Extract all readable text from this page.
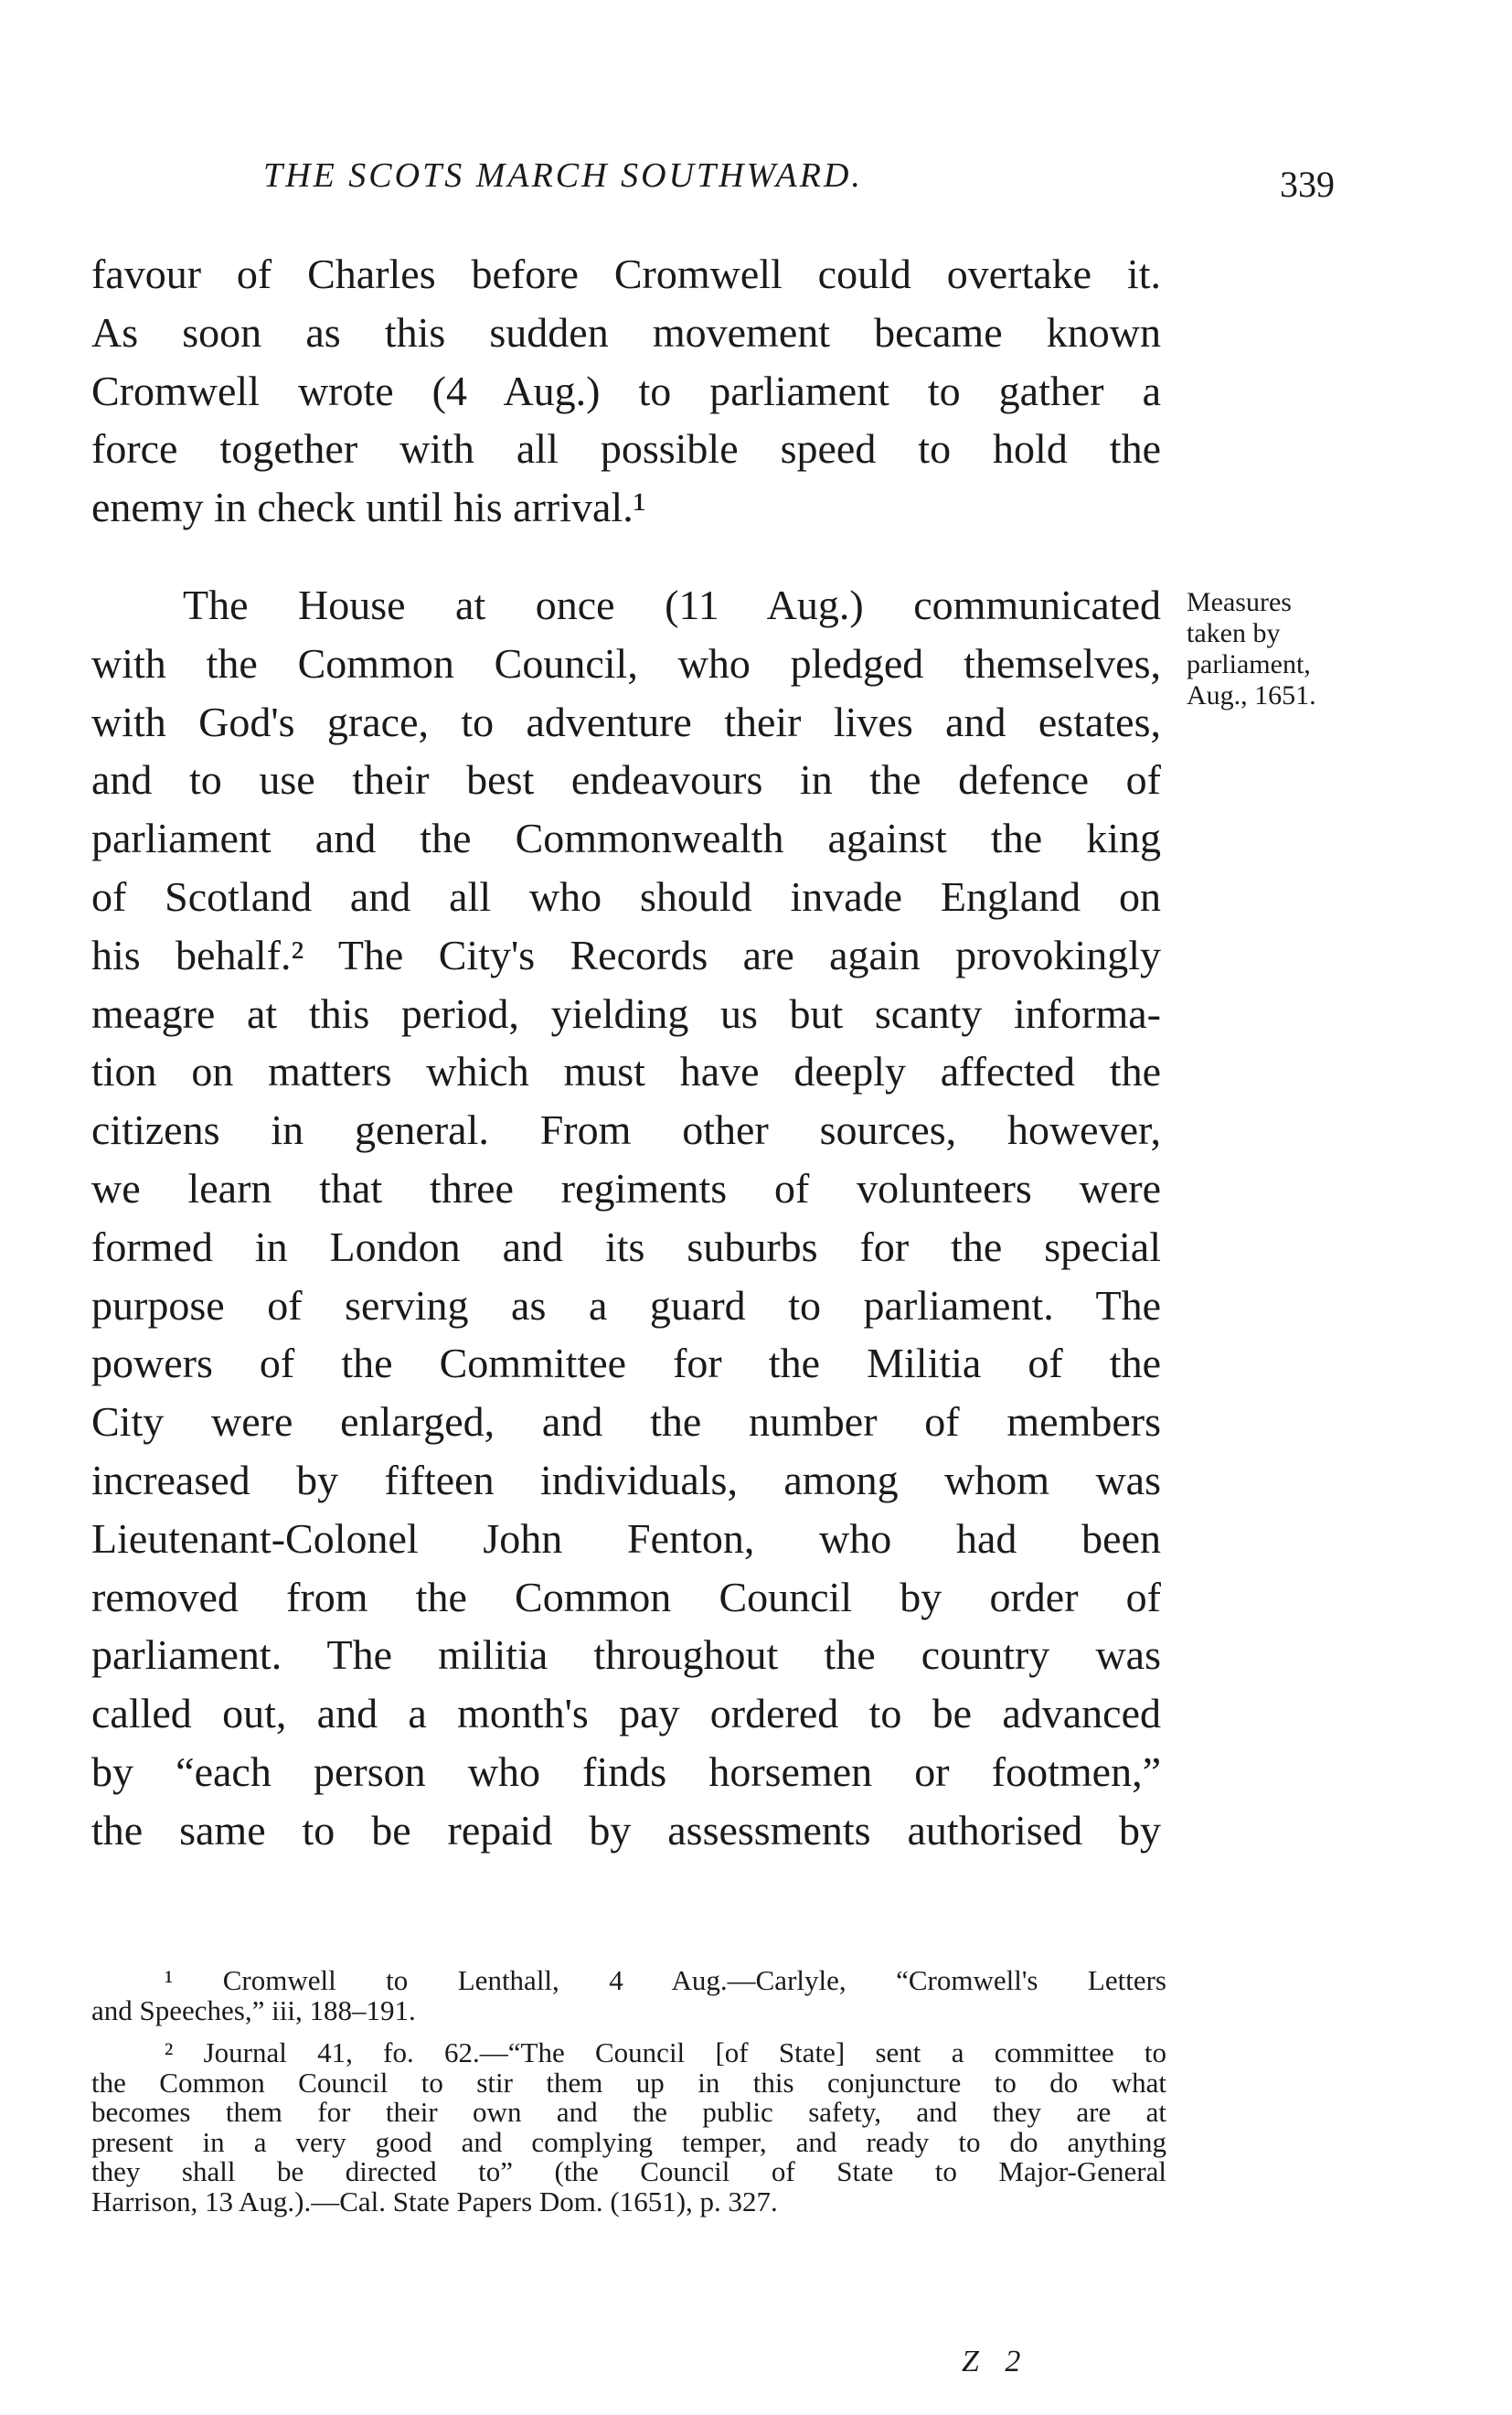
THE SCOTS MARCH SOUTHWARD.	339
favour of Charles before Cromwell could overtake it.
As soon as this sudden movement became known
Cromwell wrote (4 Aug.) to parliament to gather a
force together with all possible speed to hold the
enemy in check until his arrival.¹
The House at once (11 Aug.) communicated
with the Common Council, who pledged themselves,
with God's grace, to adventure their lives and estates,
and to use their best endeavours in the defence of
parliament and the Commonwealth against the king
of Scotland and all who should invade England on
his behalf.² The City's Records are again provokingly
meagre at this period, yielding us but scanty informa-
tion on matters which must have deeply affected the
citizens in general. From other sources, however,
we learn that three regiments of volunteers were
formed in London and its suburbs for the special
purpose of serving as a guard to parliament. The
powers of the Committee for the Militia of the
City were enlarged, and the number of members
increased by fifteen individuals, among whom was
Lieutenant-Colonel John Fenton, who had been
removed from the Common Council by order of
parliament. The militia throughout the country was
called out, and a month's pay ordered to be advanced
by “each person who finds horsemen or footmen,”
the same to be repaid by assessments authorised by
Measures
taken by
parliament,
Aug., 1651.
¹ Cromwell to Lenthall, 4 Aug.—Carlyle, “Cromwell's Letters
and Speeches,” iii, 188–191.
² Journal 41, fo. 62.—“The Council [of State] sent a committee to
the Common Council to stir them up in this conjuncture to do what
becomes them for their own and the public safety, and they are at
present in a very good and complying temper, and ready to do anything
they shall be directed to” (the Council of State to Major-General
Harrison, 13 Aug.).—Cal. State Papers Dom. (1651), p. 327.
Z 2
